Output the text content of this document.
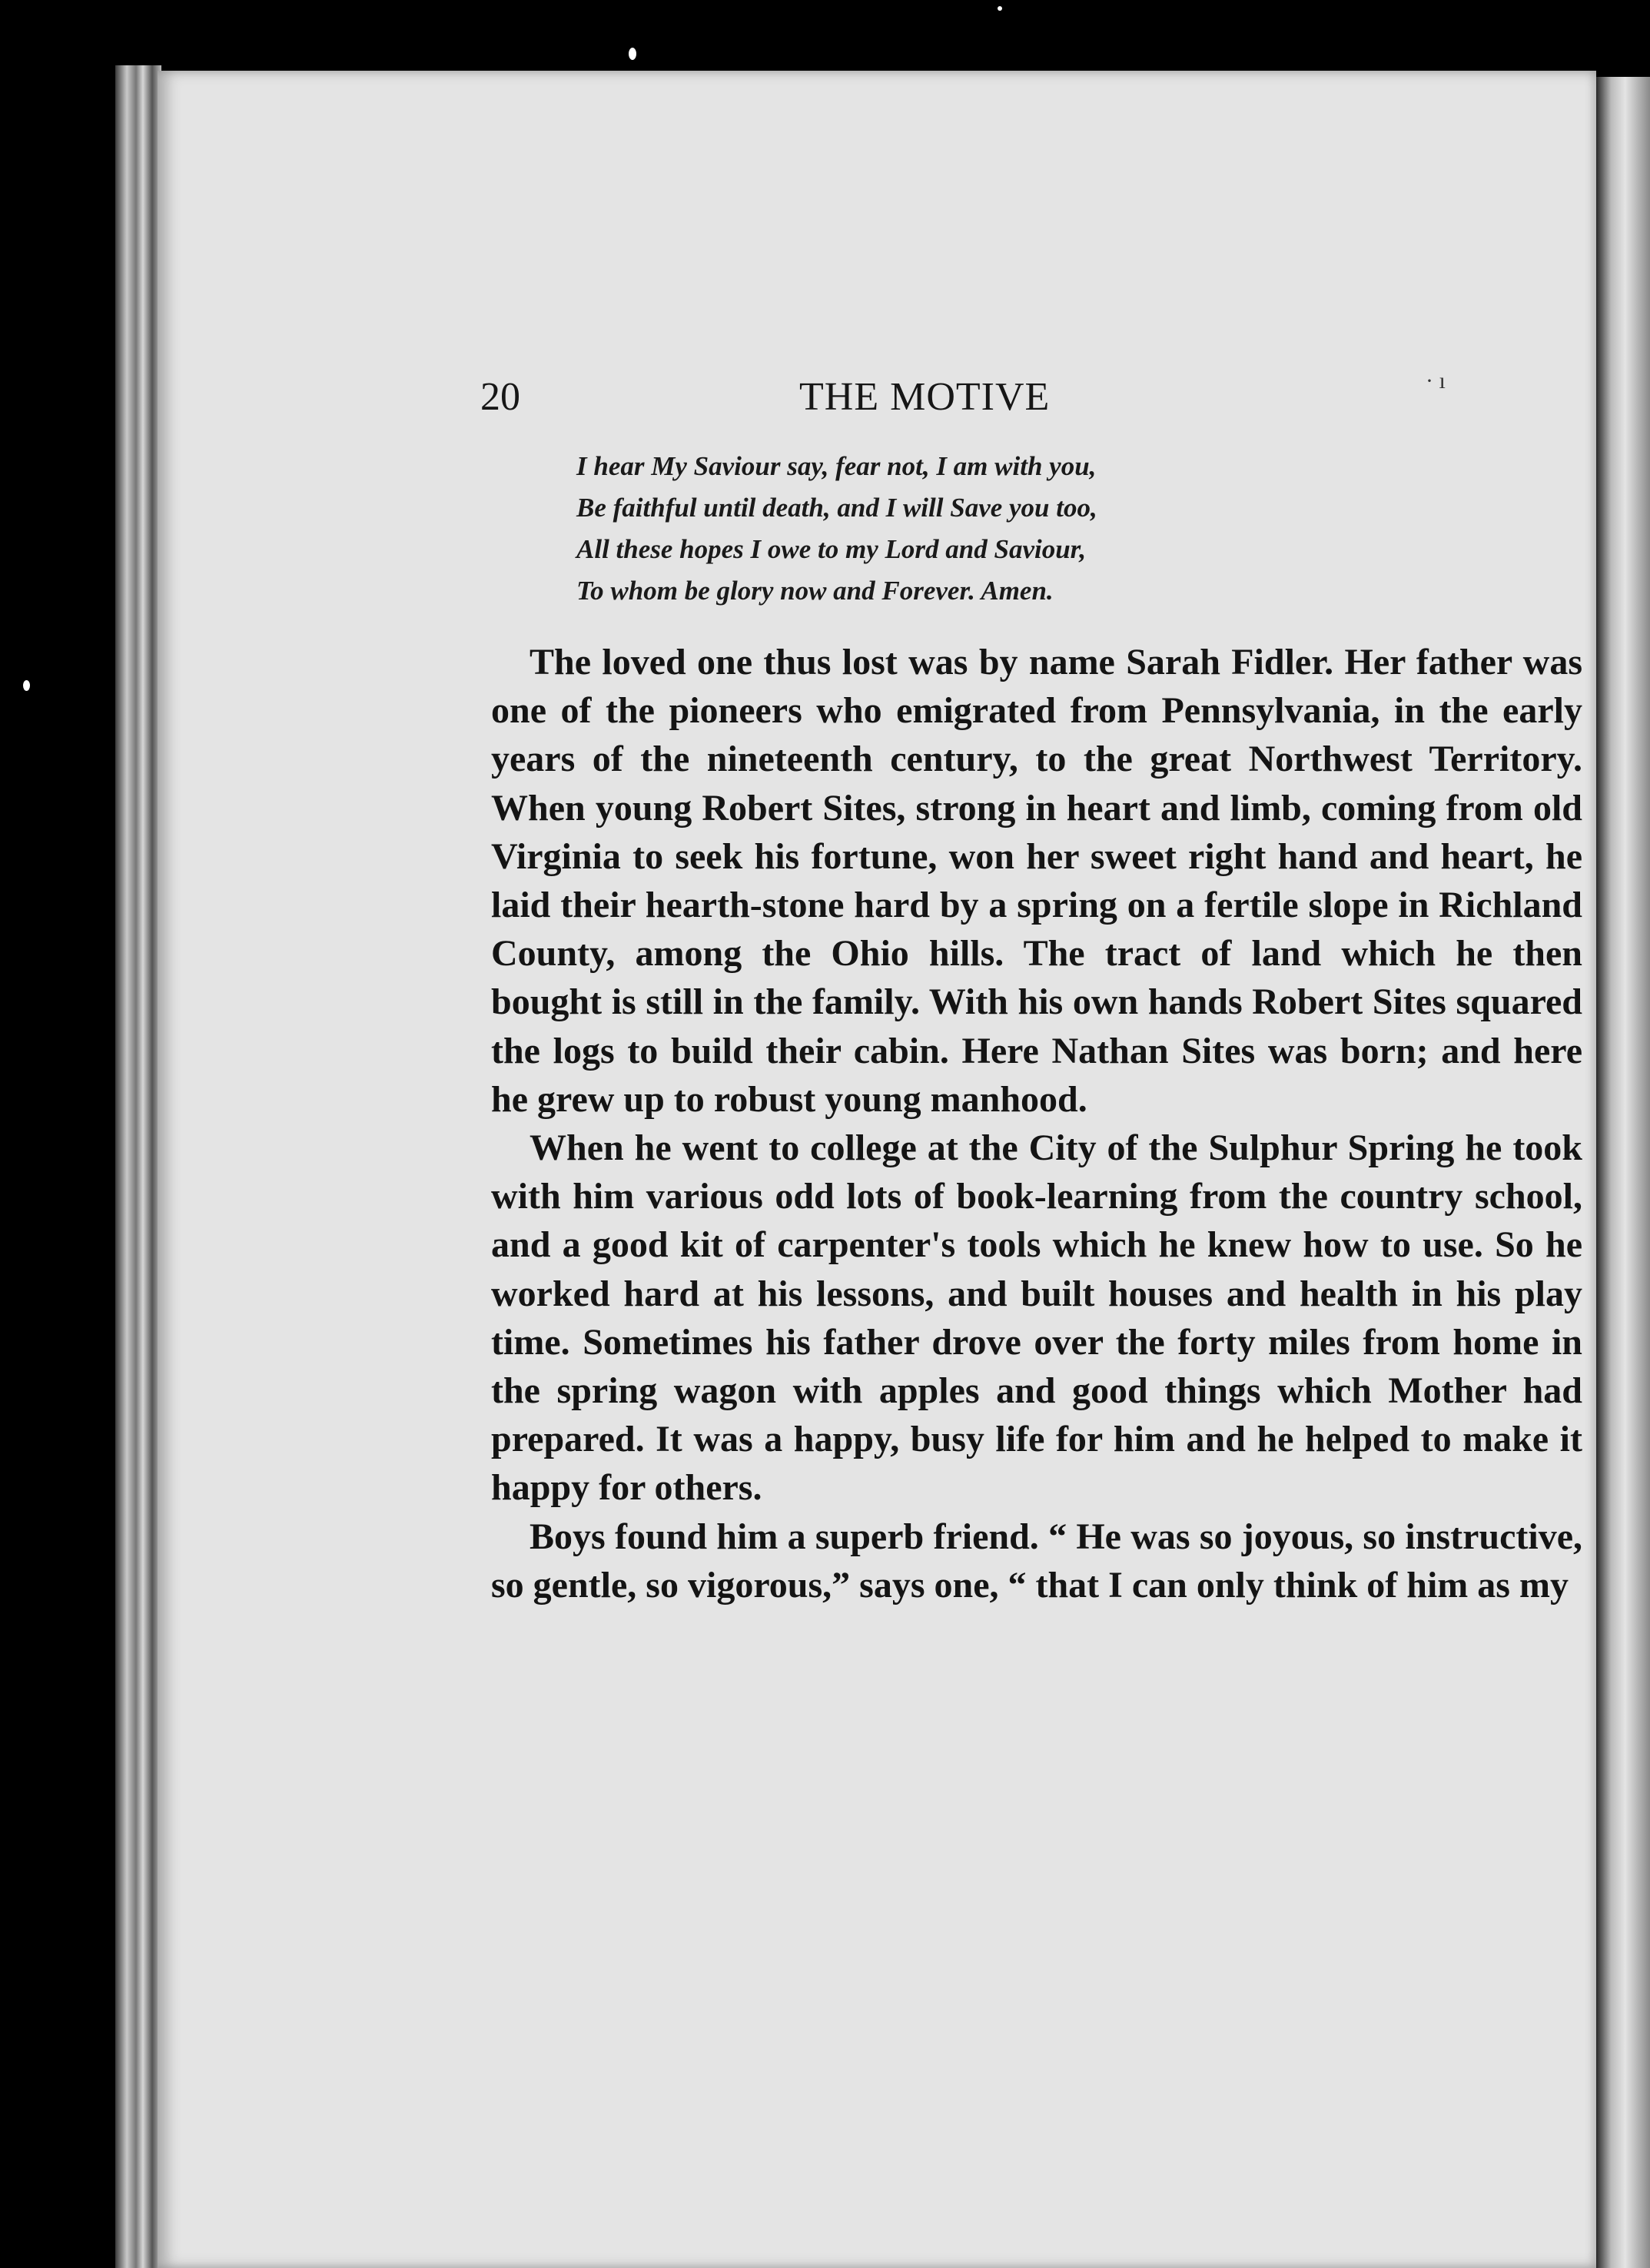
20	THE MOTIVE	· ı
I hear My Saviour say, fear not, I am with you,
Be faithful until death, and I will Save you too,
All these hopes I owe to my Lord and Saviour,
To whom be glory now and Forever. Amen.

The loved one thus lost was by name Sarah Fidler. Her father was one of the pioneers who emigrated from Pennsylvania, in the early years of the nineteenth century, to the great Northwest Territory. When young Robert Sites, strong in heart and limb, coming from old Virginia to seek his fortune, won her sweet right hand and heart, he laid their hearth-stone hard by a spring on a fertile slope in Richland County, among the Ohio hills. The tract of land which he then bought is still in the family. With his own hands Robert Sites squared the logs to build their cabin. Here Nathan Sites was born; and here he grew up to robust young manhood.

When he went to college at the City of the Sulphur Spring he took with him various odd lots of book-learning from the country school, and a good kit of carpenter's tools which he knew how to use. So he worked hard at his lessons, and built houses and health in his play time. Sometimes his father drove over the forty miles from home in the spring wagon with apples and good things which Mother had prepared. It was a happy, busy life for him and he helped to make it happy for others.

Boys found him a superb friend. “ He was so joyous, so instructive, so gentle, so vigorous,” says one, “ that I can only think of him as my
